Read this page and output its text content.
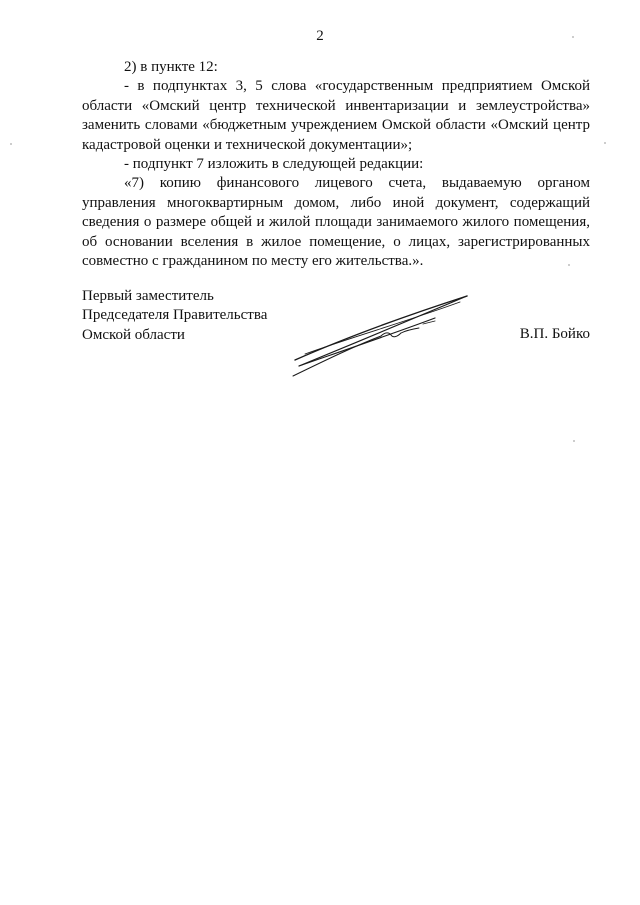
2

2) в пункте 12:

- в подпунктах 3, 5 слова «государственным предприятием Омской области «Омский центр технической инвентаризации и землеустройства» заменить словами «бюджетным учреждением Омской области «Омский центр кадастровой оценки и технической документации»;

- подпункт 7 изложить в следующей редакции:

«7) копию финансового лицевого счета, выдаваемую органом управления многоквартирным домом, либо иной документ, содержащий сведения о размере общей и жилой площади занимаемого жилого помещения, об основании вселения в жилое помещение, о лицах, зарегистрированных совместно с гражданином по месту его жительства.».

Первый заместитель
Председателя Правительства
Омской области	В.П. Бойко
